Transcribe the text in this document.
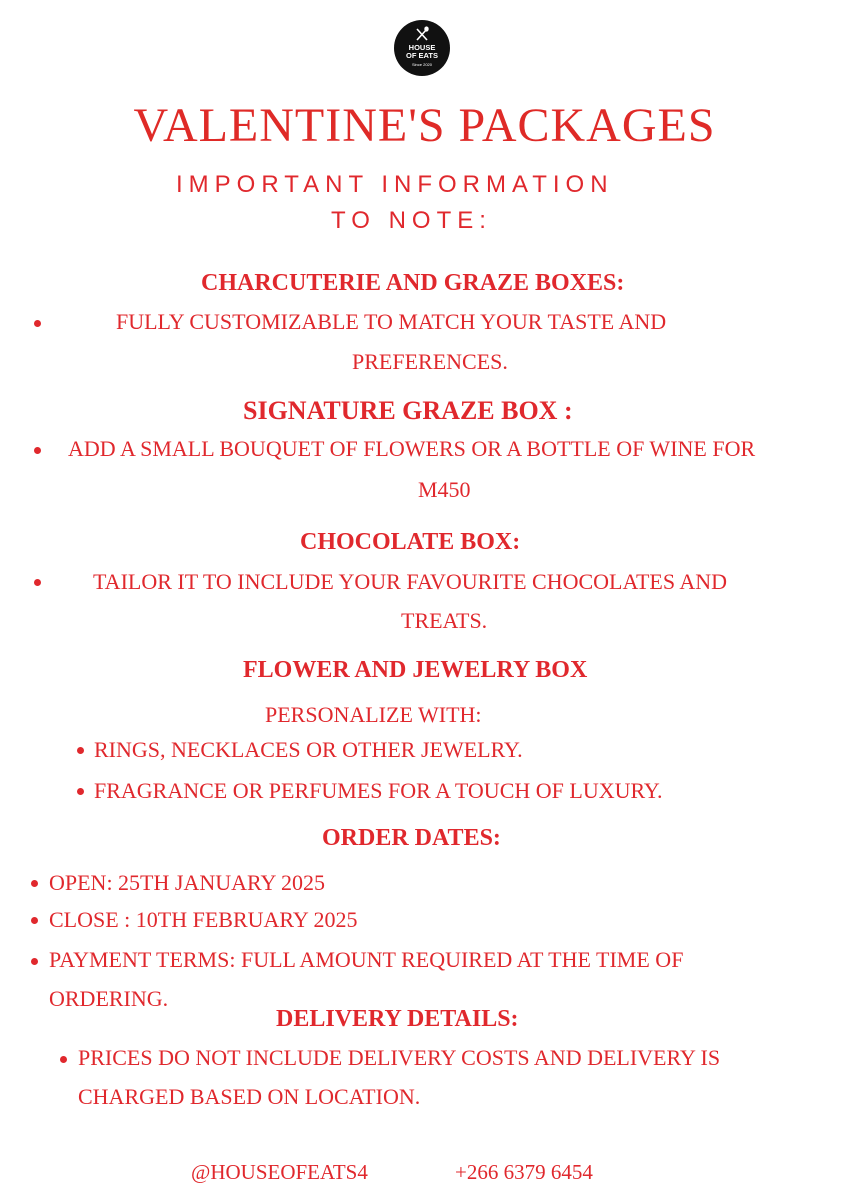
HOUSE
OF EATS
Since 2020
VALENTINE'S PACKAGES
IMPORTANT INFORMATION
TO NOTE:
CHARCUTERIE AND GRAZE BOXES:
FULLY CUSTOMIZABLE TO MATCH YOUR TASTE AND
PREFERENCES.
SIGNATURE GRAZE BOX :
ADD A SMALL BOUQUET OF FLOWERS OR A BOTTLE OF WINE FOR
M450
CHOCOLATE BOX:
TAILOR IT TO INCLUDE YOUR FAVOURITE CHOCOLATES AND
TREATS.
FLOWER AND JEWELRY BOX
PERSONALIZE WITH:
RINGS, NECKLACES OR OTHER JEWELRY.
FRAGRANCE OR PERFUMES FOR A TOUCH OF LUXURY.
ORDER DATES:
OPEN: 25TH JANUARY 2025
CLOSE : 10TH FEBRUARY 2025
PAYMENT TERMS: FULL AMOUNT REQUIRED AT THE TIME OF
ORDERING.
DELIVERY DETAILS:
PRICES DO NOT INCLUDE DELIVERY COSTS AND DELIVERY IS
CHARGED BASED ON LOCATION.
@HOUSEOFEATS4	+266 6379 6454
